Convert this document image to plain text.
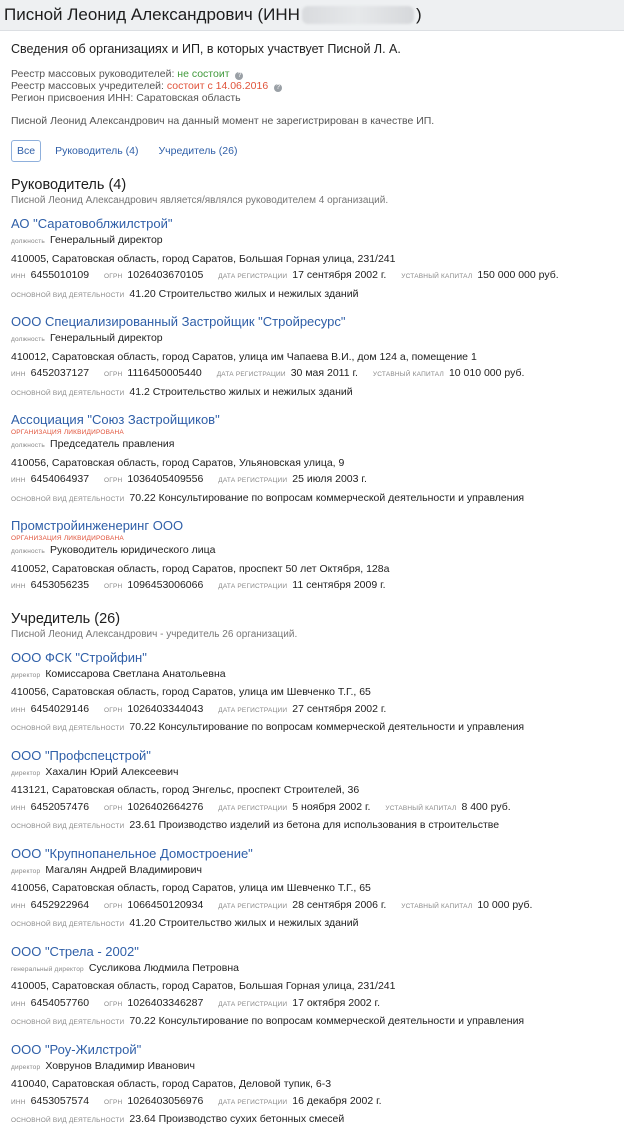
Писной Леонид Александрович (ИНН	)
Сведения об организациях и ИП, в которых участвует Писной Л. А.
Реестр массовых руководителей: не состоит ?
Реестр массовых учредителей: состоит с 14.06.2016 ?
Регион присвоения ИНН: Саратовская область
Писной Леонид Александрович на данный момент не зарегистрирован в качестве ИП.
Все	Руководитель (4) Учредитель (26)
Руководитель (4)
Писной Леонид Александрович является/являлся руководителем 4 организаций.
АО "Саратовоблжилстрой"
должность Генеральный директор
410005, Саратовская область, город Саратов, Большая Горная улица, 231/241
ИНН 6455010109 ОГРН 1026403670105 ДАТА РЕГИСТРАЦИИ 17 сентября 2002 г. УСТАВНЫЙ КАПИТАЛ 150 000 000 руб.
ОСНОВНОЙ ВИД ДЕЯТЕЛЬНОСТИ 41.20 Строительство жилых и нежилых зданий
ООО Специализированный Застройщик "Стройресурс"
должность Генеральный директор
410012, Саратовская область, город Саратов, улица им Чапаева В.И., дом 124 а, помещение 1
ИНН 6452037127 ОГРН 1116450005440 ДАТА РЕГИСТРАЦИИ 30 мая 2011 г. УСТАВНЫЙ КАПИТАЛ 10 010 000 руб.
ОСНОВНОЙ ВИД ДЕЯТЕЛЬНОСТИ 41.2 Строительство жилых и нежилых зданий
Ассоциация "Союз Застройщиков"
ОРГАНИЗАЦИЯ ЛИКВИДИРОВАНА
должность Председатель правления
410056, Саратовская область, город Саратов, Ульяновская улица, 9
ИНН 6454064937 ОГРН 1036405409556 ДАТА РЕГИСТРАЦИИ 25 июля 2003 г.
ОСНОВНОЙ ВИД ДЕЯТЕЛЬНОСТИ 70.22 Консультирование по вопросам коммерческой деятельности и управления
Промстройинженеринг ООО
ОРГАНИЗАЦИЯ ЛИКВИДИРОВАНА
должность Руководитель юридического лица
410052, Саратовская область, город Саратов, проспект 50 лет Октября, 128а
ИНН 6453056235 ОГРН 1096453006066 ДАТА РЕГИСТРАЦИИ 11 сентября 2009 г.
Учредитель (26)
Писной Леонид Александрович - учредитель 26 организаций.
ООО ФСК "Стройфин"
директор Комиссарова Светлана Анатольевна
410056, Саратовская область, город Саратов, улица им Шевченко Т.Г., 65
ИНН 6454029146 ОГРН 1026403344043 ДАТА РЕГИСТРАЦИИ 27 сентября 2002 г.
ОСНОВНОЙ ВИД ДЕЯТЕЛЬНОСТИ 70.22 Консультирование по вопросам коммерческой деятельности и управления
ООО "Профспецстрой"
директор Хахалин Юрий Алексеевич
413121, Саратовская область, город Энгельс, проспект Строителей, 36
ИНН 6452057476 ОГРН 1026402664276 ДАТА РЕГИСТРАЦИИ 5 ноября 2002 г. УСТАВНЫЙ КАПИТАЛ 8 400 руб.
ОСНОВНОЙ ВИД ДЕЯТЕЛЬНОСТИ 23.61 Производство изделий из бетона для использования в строительстве
ООО "Крупнопанельное Домостроение"
директор Магалян Андрей Владимирович
410056, Саратовская область, город Саратов, улица им Шевченко Т.Г., 65
ИНН 6452922964 ОГРН 1066450120934 ДАТА РЕГИСТРАЦИИ 28 сентября 2006 г. УСТАВНЫЙ КАПИТАЛ 10 000 руб.
ОСНОВНОЙ ВИД ДЕЯТЕЛЬНОСТИ 41.20 Строительство жилых и нежилых зданий
ООО "Стрела - 2002"
генеральный директор Сусликова Людмила Петровна
410005, Саратовская область, город Саратов, Большая Горная улица, 231/241
ИНН 6454057760 ОГРН 1026403346287 ДАТА РЕГИСТРАЦИИ 17 октября 2002 г.
ОСНОВНОЙ ВИД ДЕЯТЕЛЬНОСТИ 70.22 Консультирование по вопросам коммерческой деятельности и управления
ООО "Роу-Жилстрой"
директор Ховрунов Владимир Иванович
410040, Саратовская область, город Саратов, Деловой тупик, 6-3
ИНН 6453057574 ОГРН 1026403056976 ДАТА РЕГИСТРАЦИИ 16 декабря 2002 г.
ОСНОВНОЙ ВИД ДЕЯТЕЛЬНОСТИ 23.64 Производство сухих бетонных смесей
